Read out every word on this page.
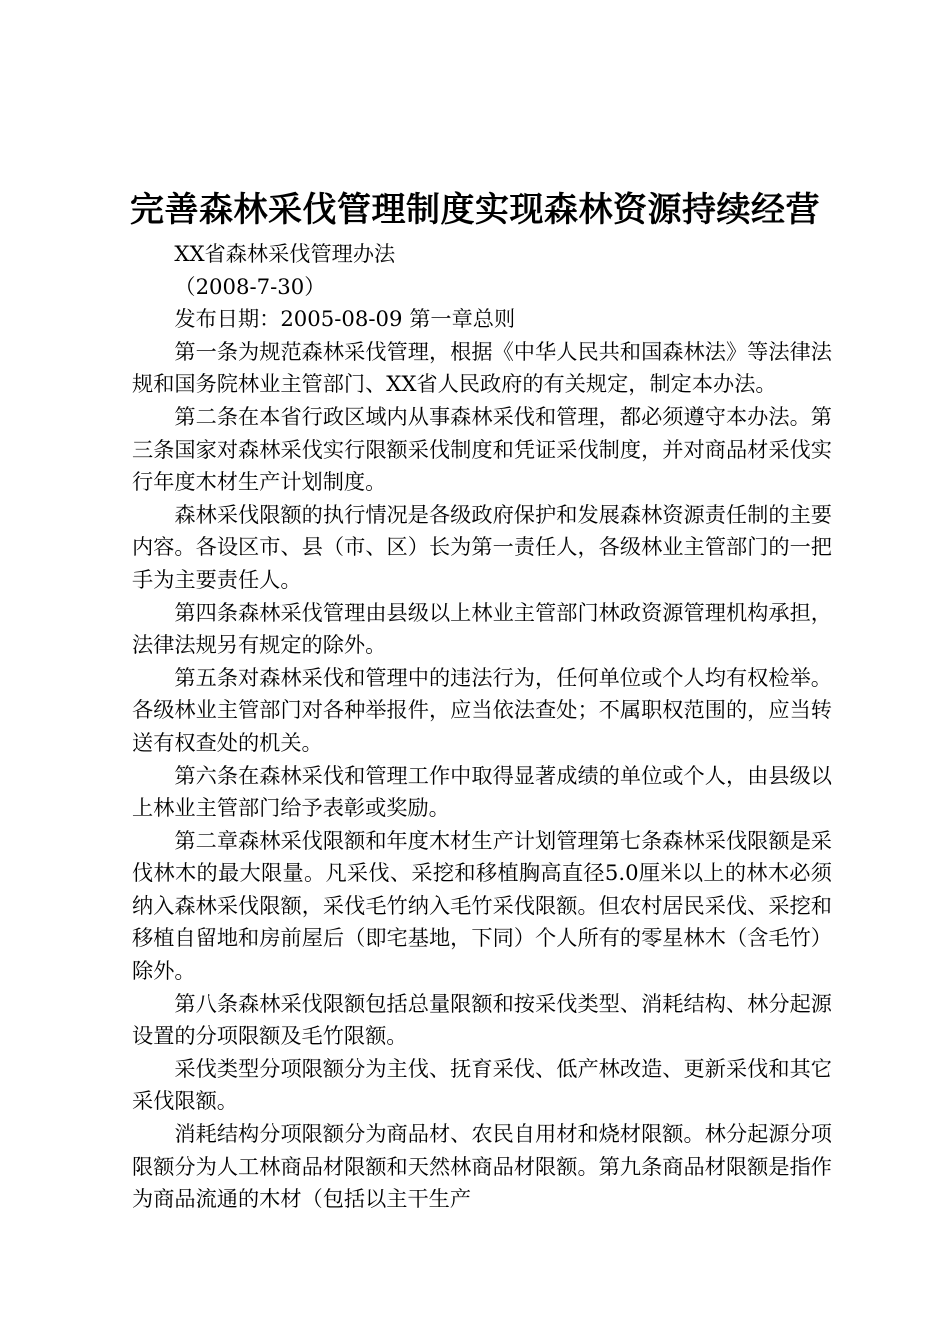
完善森林采伐管理制度实现森林资源持续经营

XX省森林采伐管理办法

（2008-7-30）

发布日期：2005-08-09 第一章总则

第一条为规范森林采伐管理，根据《中华人民共和国森林法》等法律法规和国务院林业主管部门、XX省人民政府的有关规定，制定本办法。

第二条在本省行政区域内从事森林采伐和管理，都必须遵守本办法。第三条国家对森林采伐实行限额采伐制度和凭证采伐制度，并对商品材采伐实行年度木材生产计划制度。

森林采伐限额的执行情况是各级政府保护和发展森林资源责任制的主要内容。各设区市、县（市、区）长为第一责任人，各级林业主管部门的一把手为主要责任人。

第四条森林采伐管理由县级以上林业主管部门林政资源管理机构承担，法律法规另有规定的除外。

第五条对森林采伐和管理中的违法行为，任何单位或个人均有权检举。各级林业主管部门对各种举报件，应当依法查处；不属职权范围的，应当转送有权查处的机关。

第六条在森林采伐和管理工作中取得显著成绩的单位或个人，由县级以上林业主管部门给予表彰或奖励。

第二章森林采伐限额和年度木材生产计划管理第七条森林采伐限额是采伐林木的最大限量。凡采伐、采挖和移植胸高直径5.0厘米以上的林木必须纳入森林采伐限额，采伐毛竹纳入毛竹采伐限额。但农村居民采伐、采挖和移植自留地和房前屋后（即宅基地，下同）个人所有的零星林木（含毛竹）除外。

第八条森林采伐限额包括总量限额和按采伐类型、消耗结构、林分起源设置的分项限额及毛竹限额。

采伐类型分项限额分为主伐、抚育采伐、低产林改造、更新采伐和其它采伐限额。

消耗结构分项限额分为商品材、农民自用材和烧材限额。林分起源分项限额分为人工林商品材限额和天然林商品材限额。第九条商品材限额是指作为商品流通的木材（包括以主干生产
